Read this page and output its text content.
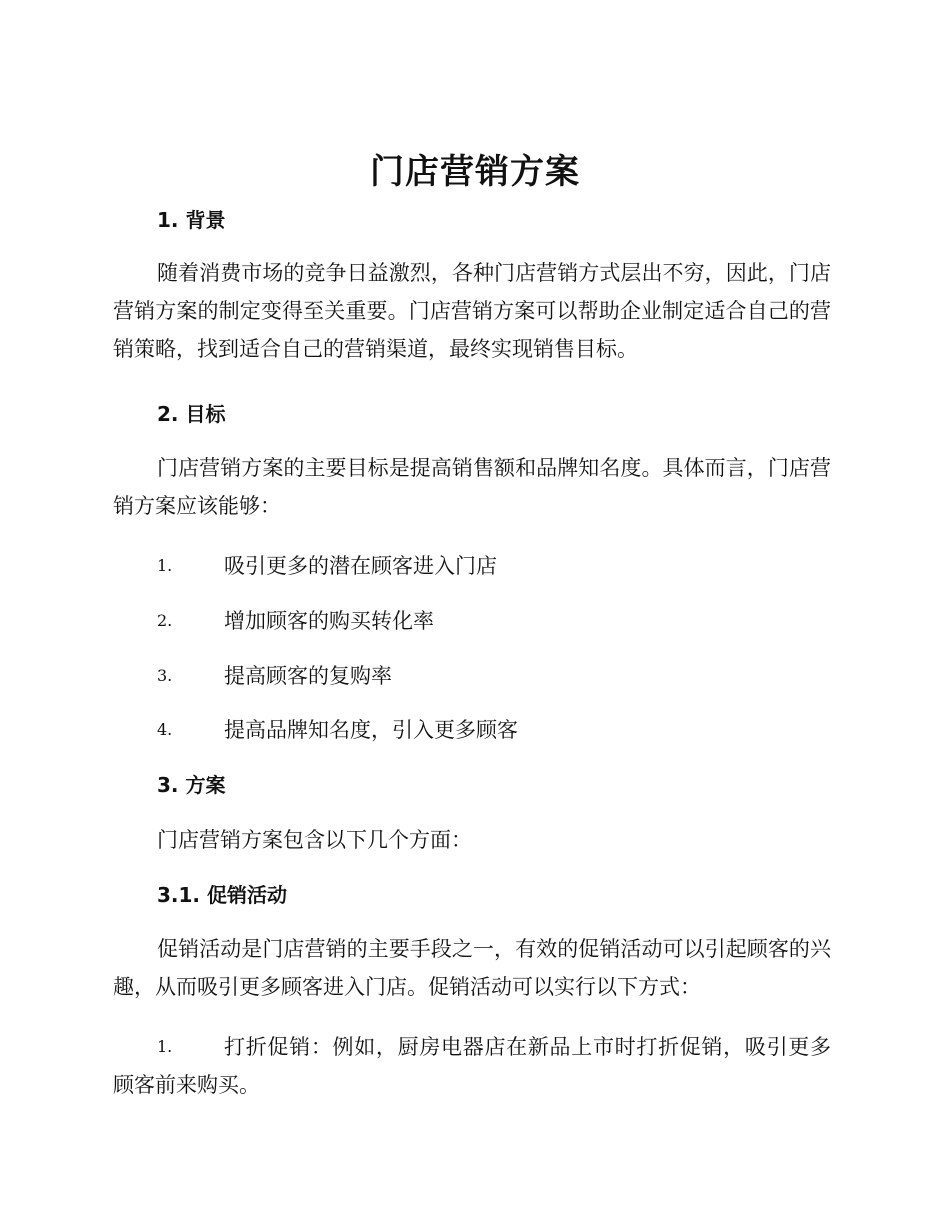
门店营销方案
1. 背景

随着消费市场的竞争日益激烈，各种门店营销方式层出不穷，因此，门店营销方案的制定变得至关重要。门店营销方案可以帮助企业制定适合自己的营销策略，找到适合自己的营销渠道，最终实现销售目标。

2. 目标

门店营销方案的主要目标是提高销售额和品牌知名度。具体而言，门店营销方案应该能够：

1. 吸引更多的潜在顾客进入门店
2. 增加顾客的购买转化率
3. 提高顾客的复购率
4. 提高品牌知名度，引入更多顾客
3. 方案
门店营销方案包含以下几个方面：
3.1. 促销活动

促销活动是门店营销的主要手段之一，有效的促销活动可以引起顾客的兴趣，从而吸引更多顾客进入门店。促销活动可以实行以下方式：

1.	打折促销：例如，厨房电器店在新品上市时打折促销，吸引更多顾客前来购买。
